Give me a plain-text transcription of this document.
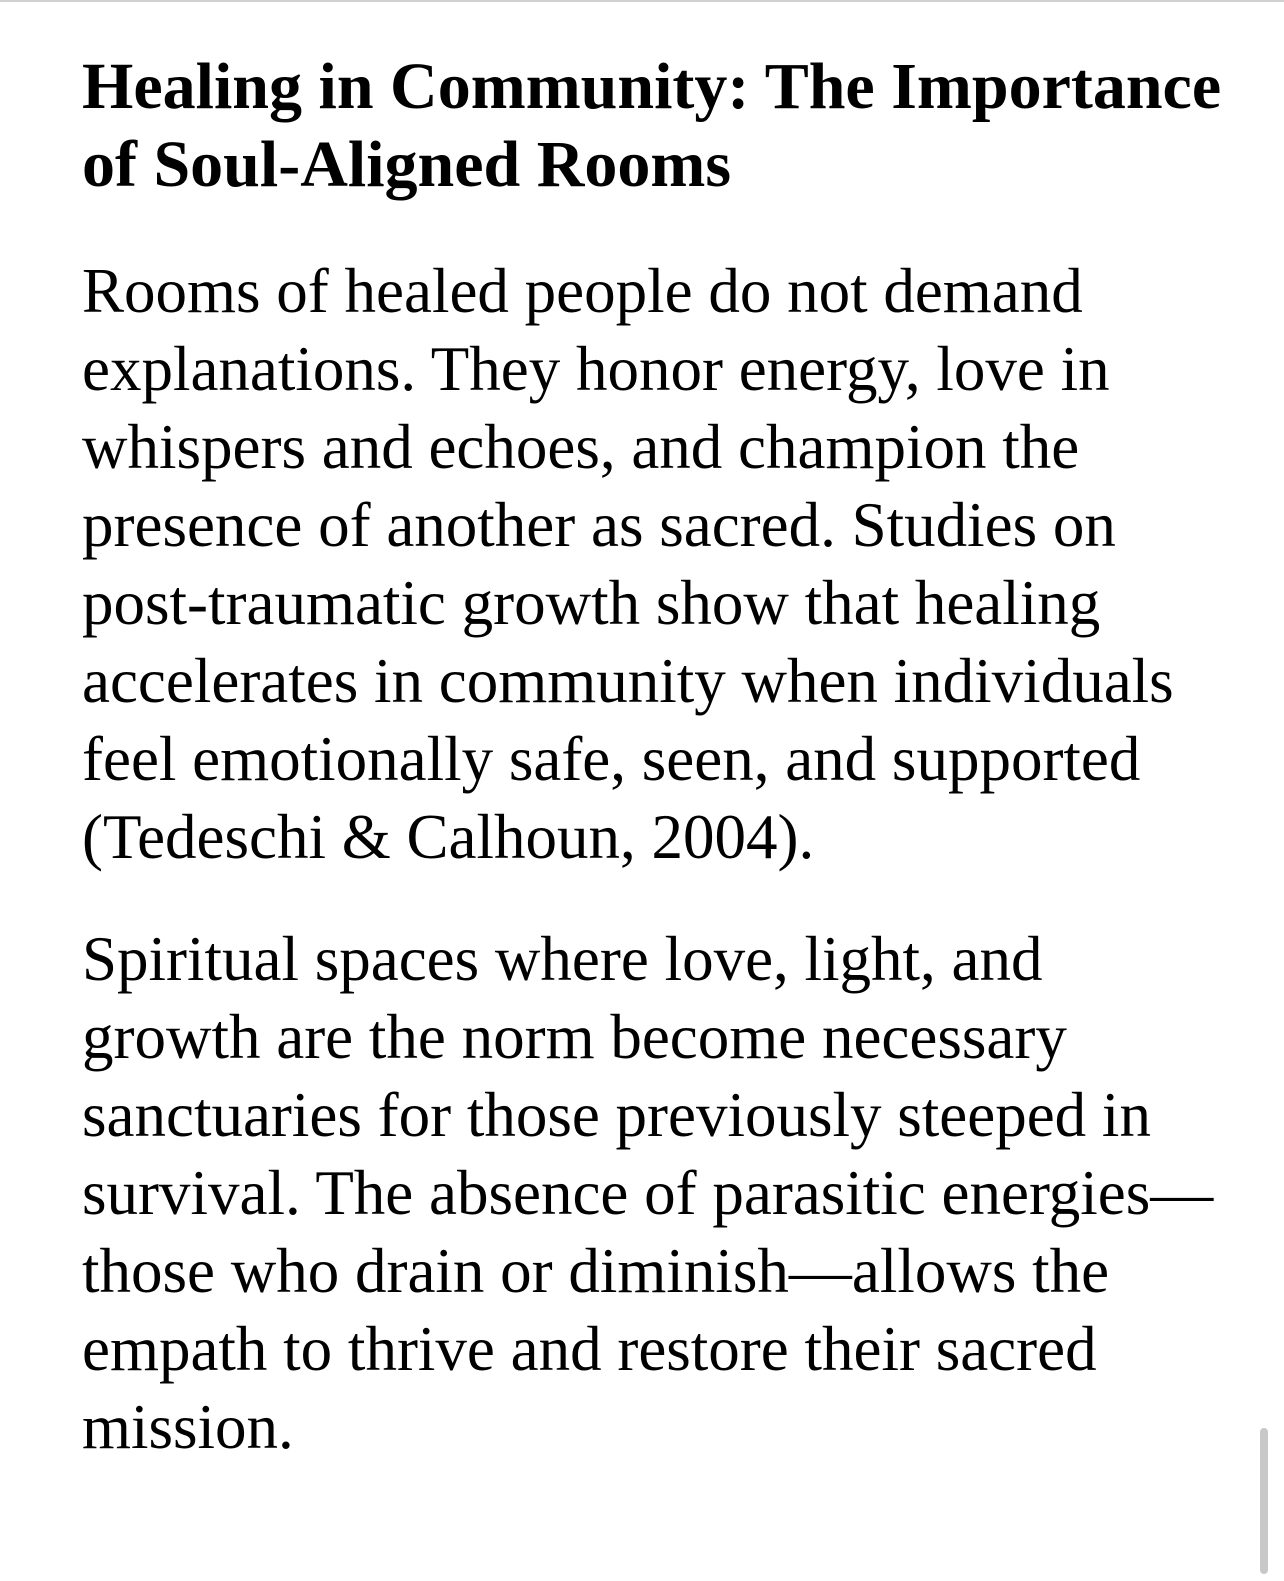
Healing in Community: The Importance of Soul-Aligned Rooms

Rooms of healed people do not demand explanations. They honor energy, love in whispers and echoes, and champion the presence of another as sacred. Studies on post-traumatic growth show that healing accelerates in community when individuals feel emotionally safe, seen, and supported (Tedeschi & Calhoun, 2004).

Spiritual spaces where love, light, and growth are the norm become necessary sanctuaries for those previously steeped in survival. The absence of parasitic energies—those who drain or diminish—allows the empath to thrive and restore their sacred mission.
